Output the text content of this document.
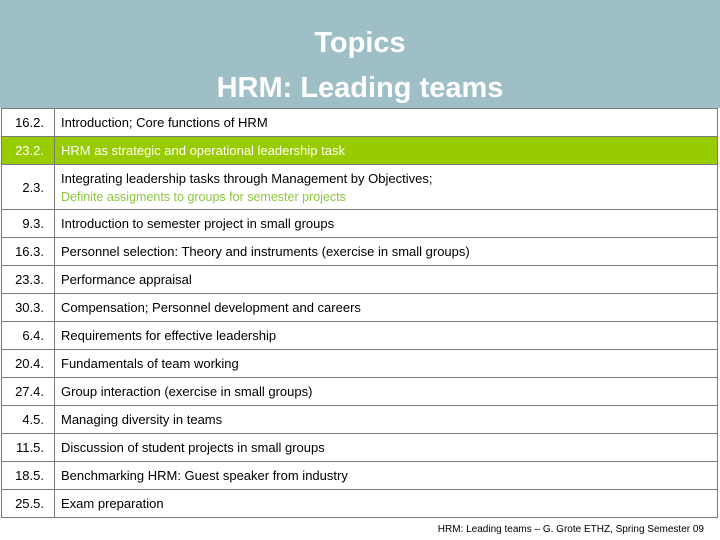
Topics
HRM: Leading teams
16.2.	Introduction; Core functions of HRM
23.2.	HRM as strategic and operational leadership task
2.3.	Integrating leadership tasks through Management by Objectives;
Definite assigments to groups for semester projects

9.3.	Introduction to semester project in small groups
16.3.	Personnel selection: Theory and instruments (exercise in small groups)
23.3.	Performance appraisal
30.3.	Compensation; Personnel development and careers
6.4.	Requirements for effective leadership
20.4.	Fundamentals of team working
27.4.	Group interaction (exercise in small groups)
4.5.	Managing diversity in teams
11.5.	Discussion of student projects in small groups
18.5.	Benchmarking HRM: Guest speaker from industry
25.5.	Exam preparation
HRM: Leading teams – G. Grote ETHZ, Spring Semester 09
